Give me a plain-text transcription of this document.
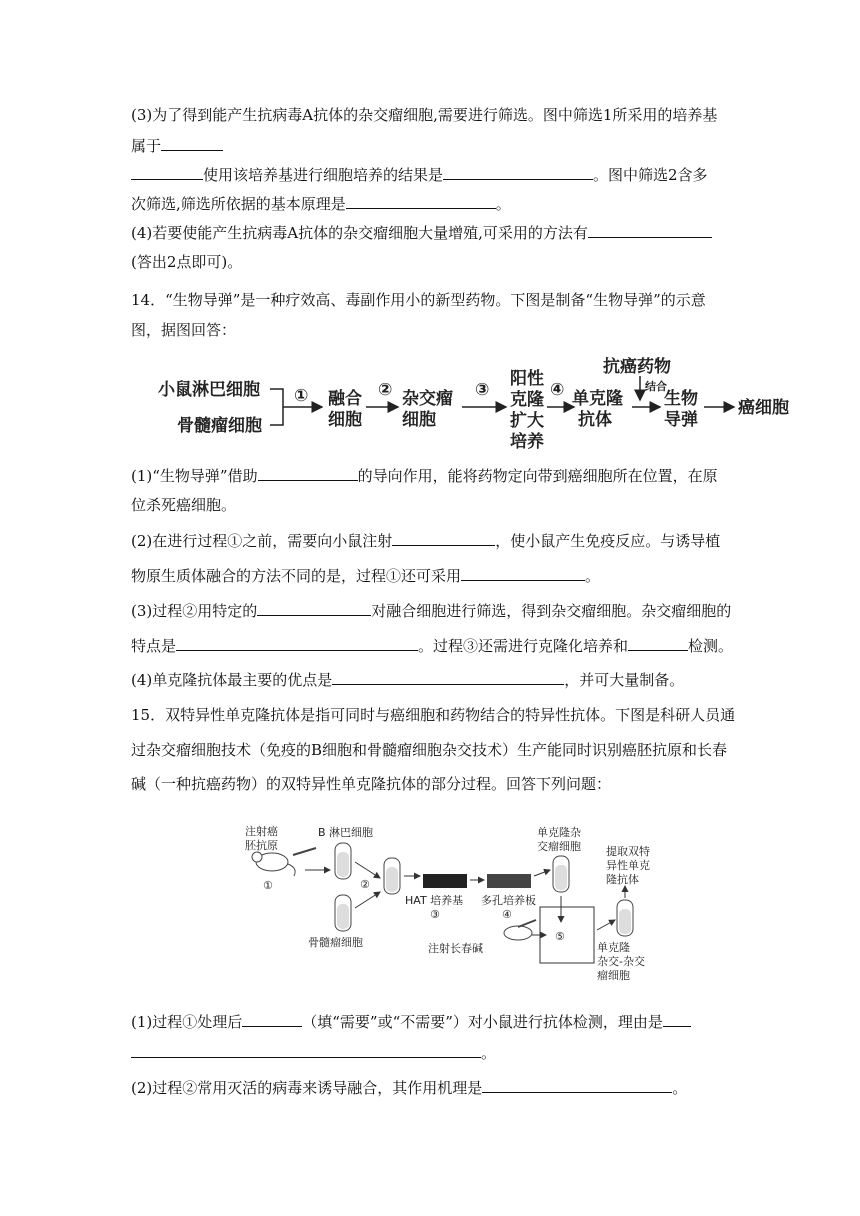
(3)为了得到能产生抗病毒A抗体的杂交瘤细胞,需要进行筛选。图中筛选1所采用的培养基
属于
使用该培养基进行细胞培养的结果是	。图中筛选2含多
次筛选,筛选所依据的基本原理是	。
(4)若要使能产生抗病毒A抗体的杂交瘤细胞大量增殖,可采用的方法有
(答出2点即可)。
14．“生物导弹”是一种疗效高、毒副作用小的新型药物。下图是制备“生物导弹”的示意
图，据图回答：
小鼠淋巴细胞
骨髓瘤细胞
① 融合
细胞
② 杂交瘤
细胞
③
阳性
克隆
扩大
培养
④ 单克隆
抗体
抗癌药物
结合
生物
导弹
癌细胞
(1)“生物导弹”借助	的导向作用，能将药物定向带到癌细胞所在位置，在原
位杀死癌细胞。
(2)在进行过程①之前，需要向小鼠注射	，使小鼠产生免疫反应。与诱导植
物原生质体融合的方法不同的是，过程①还可采用	。
(3)过程②用特定的	对融合细胞进行筛选，得到杂交瘤细胞。杂交瘤细胞的
特点是	。过程③还需进行克隆化培养和	检测。
(4)单克隆抗体最主要的优点是	，并可大量制备。
15．双特异性单克隆抗体是指可同时与癌细胞和药物结合的特异性抗体。下图是科研人员通
过杂交瘤细胞技术（免疫的B细胞和骨髓瘤细胞杂交技术）生产能同时识别癌胚抗原和长春
碱（一种抗癌药物）的双特异性单克隆抗体的部分过程。回答下列问题：
注射癌
胚抗原
①
B 淋巴细胞
骨髓瘤细胞
②
HAT 培养基
③
多孔培养板
④
单克隆杂
交瘤细胞
⑤
注射长春碱
提取双特
异性单克
隆抗体
单克隆
杂交-杂交
瘤细胞
(1)过程①处理后	（填“需要”或“不需要”）对小鼠进行抗体检测，理由是
。
(2)过程②常用灭活的病毒来诱导融合，其作用机理是	。
